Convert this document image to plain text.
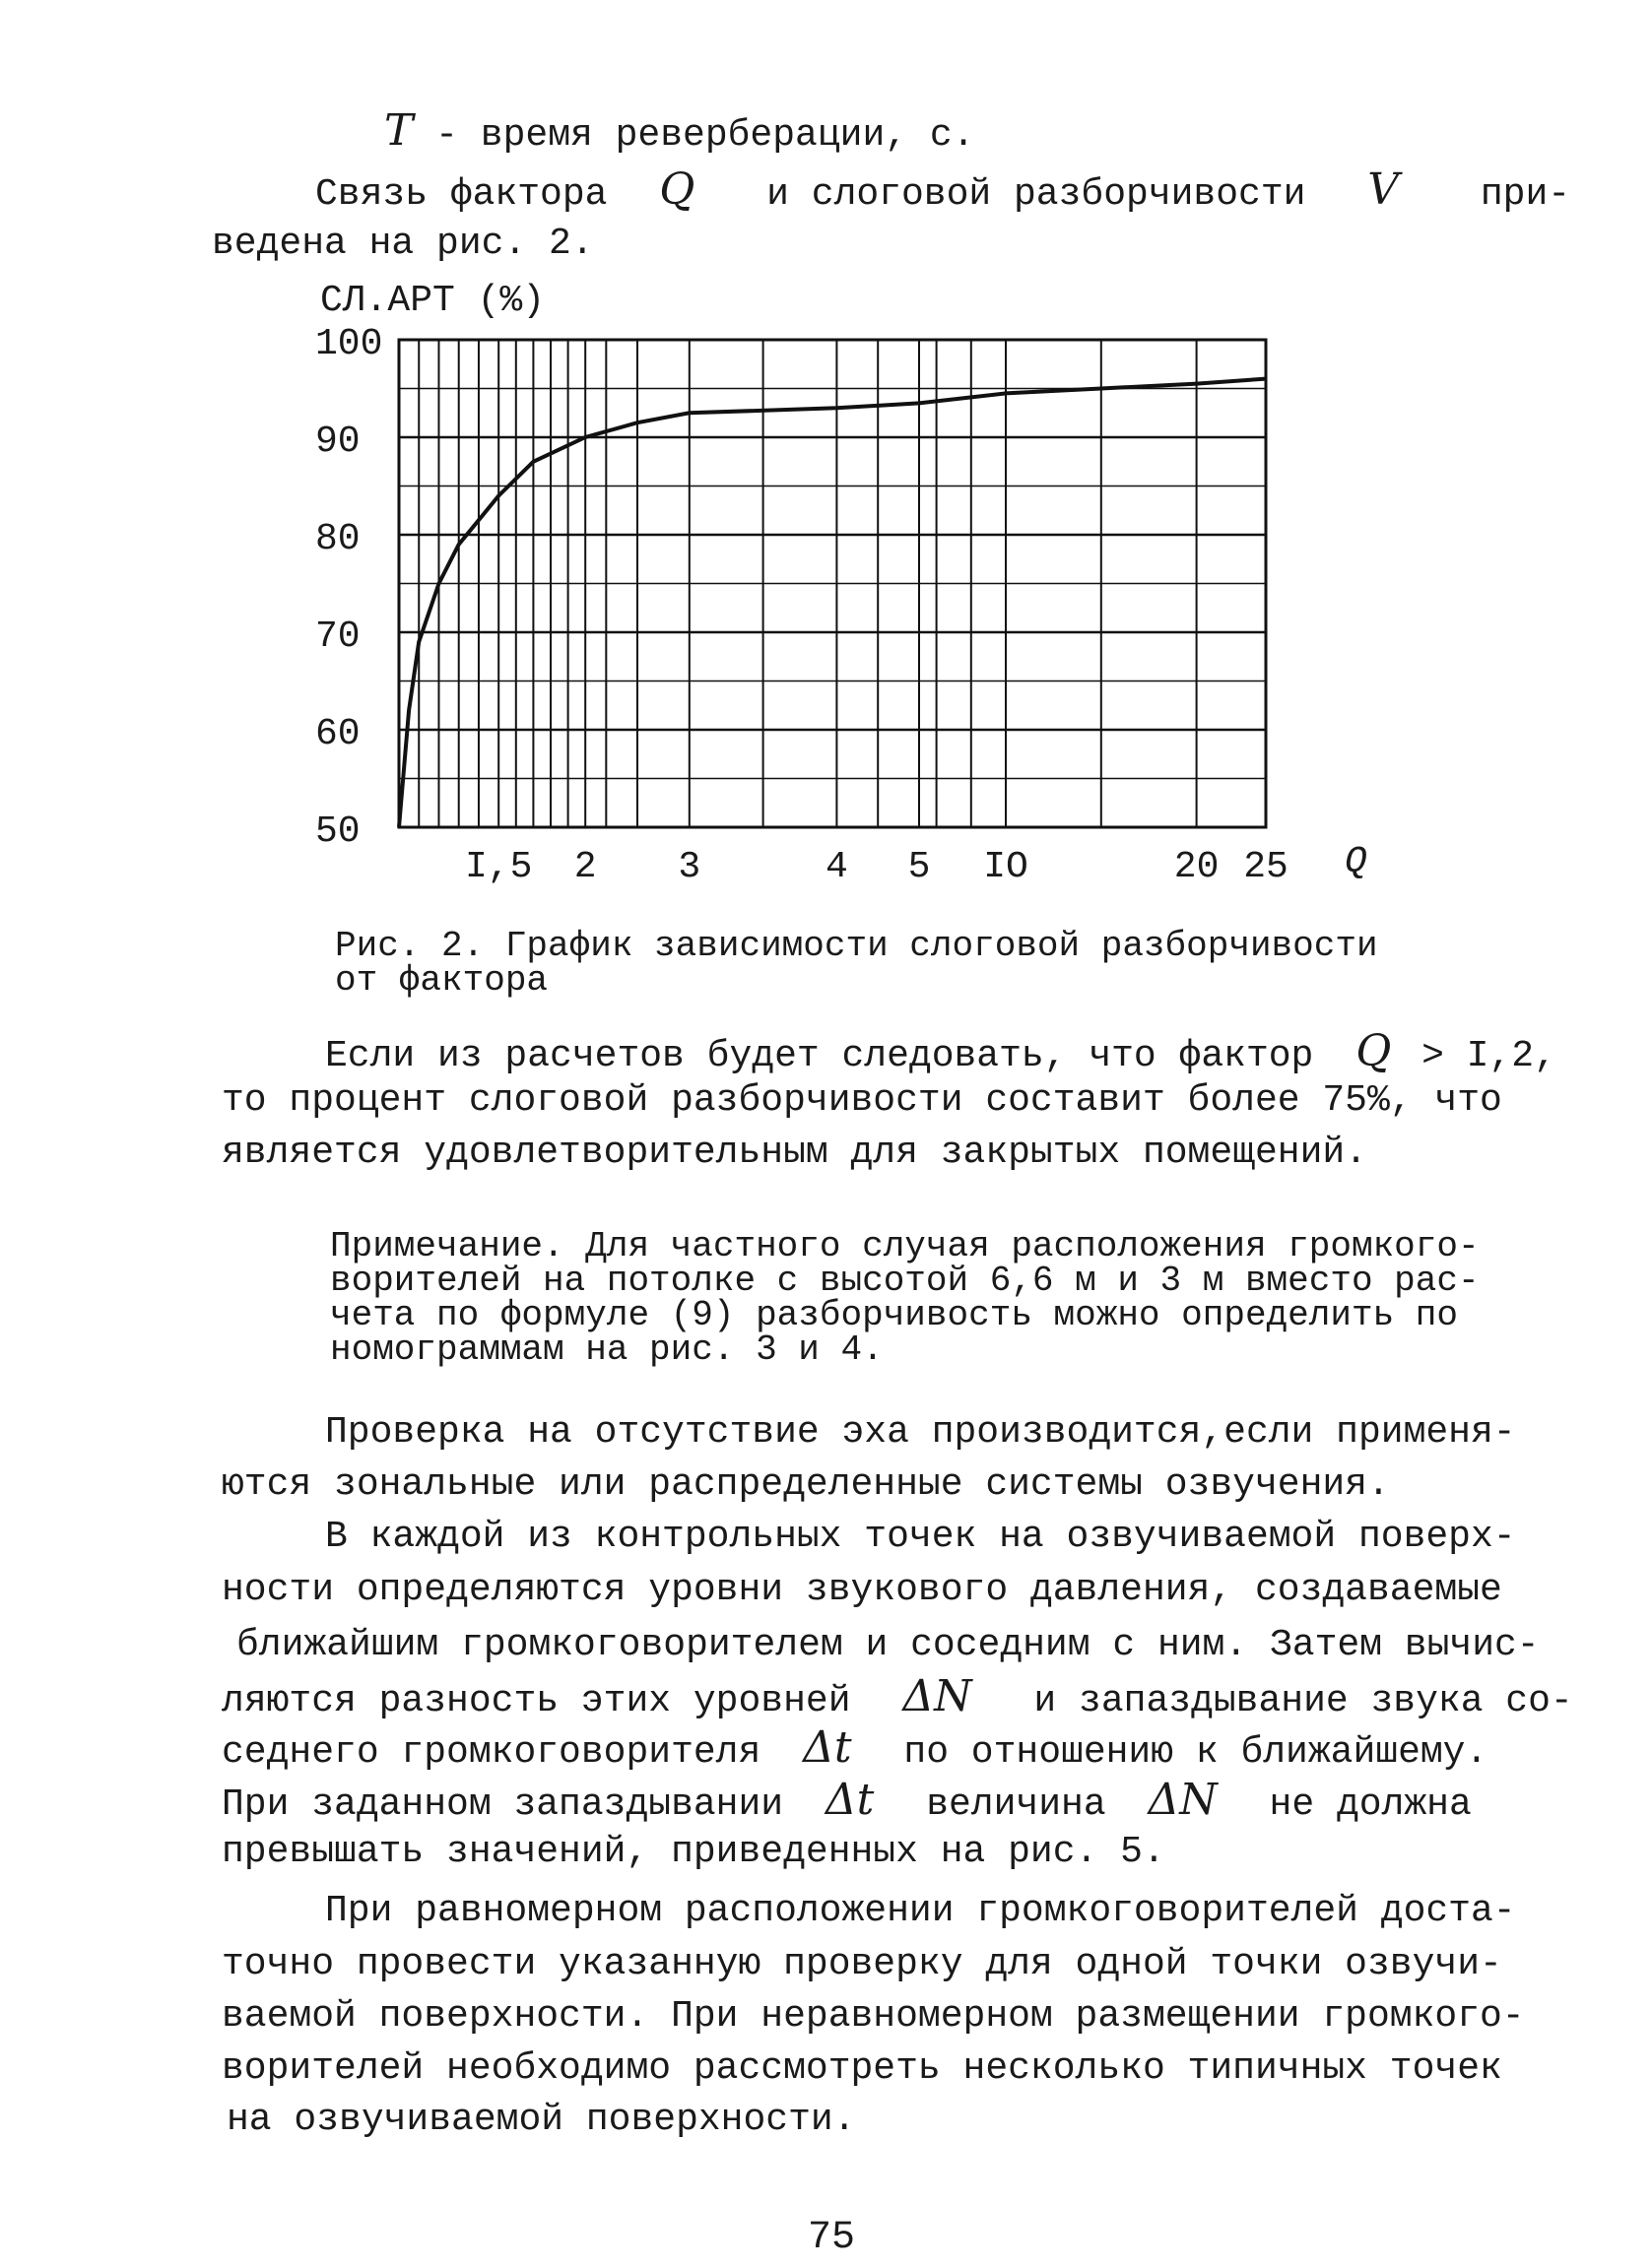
T - время реверберации, с.
Связь фактора Q и слоговой разборчивости V при-
ведена на рис. 2.
СЛ.АРТ (%)
100
90
80
70
60
50
I,5 2 3	4 5 IO	20 25 Q
Рис. 2. График зависимости слоговой разборчивости
от фактора
Если из расчетов будет следовать, что фактор Q > I,2,
то процент слоговой разборчивости составит более 75%, что
является удовлетворительным для закрытых помещений.
Примечание. Для частного случая расположения громкого-
ворителей на потолке с высотой 6,6 м и 3 м вместо рас-
чета по формуле (9) разборчивость можно определить по
номограммам на рис. 3 и 4.
Проверка на отсутствие эха производится,если применя-
ются зональные или распределенные системы озвучения.
В каждой из контрольных точек на озвучиваемой поверх-
ности определяются уровни звукового давления, создаваемые
ближайшим громкоговорителем и соседним с ним. Затем вычис-
ляются разность этих уровней ΔN и запаздывание звука со-
седнего громкоговорителя Δt по отношению к ближайшему.
При заданном запаздывании Δt величина ΔN не должна
превышать значений, приведенных на рис. 5.
При равномерном расположении громкоговорителей доста-
точно провести указанную проверку для одной точки озвучи-
ваемой поверхности. При неравномерном размещении громкого-
ворителей необходимо рассмотреть несколько типичных точек
на озвучиваемой поверхности.
75
